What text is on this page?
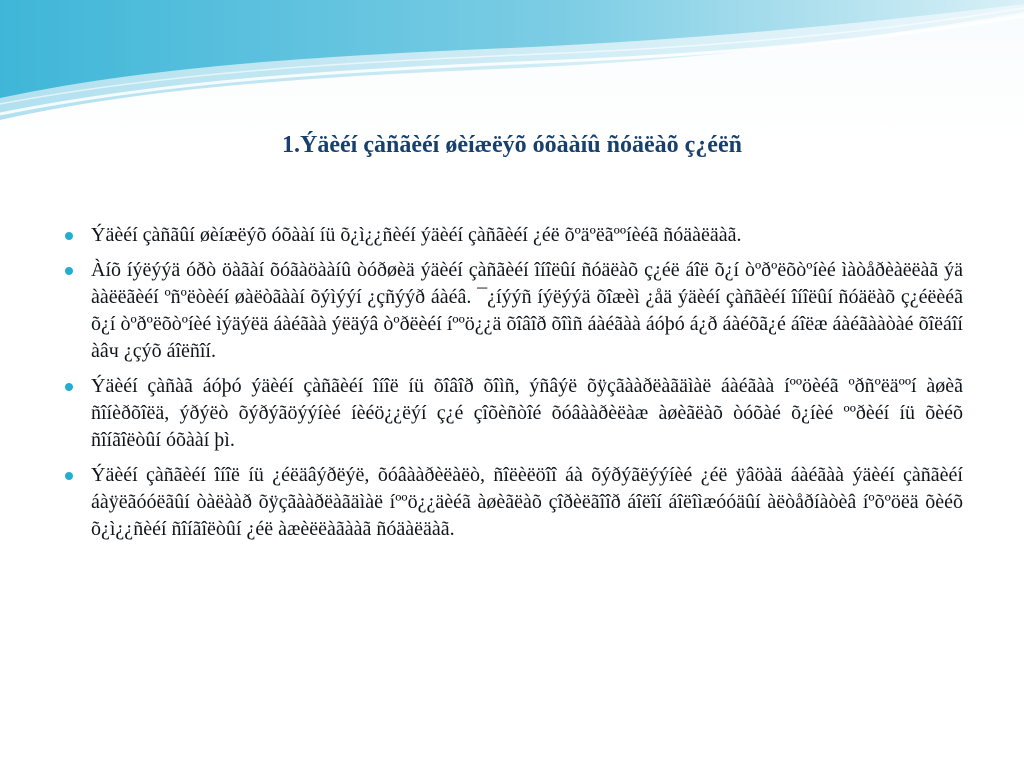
1.Ýäèéí çàñãèéí øèíæëýõ óõààíû ñóäëàõ ç¿éëñ
Ýäèéí çàñãûí øèíæëýõ óõààí íü õ¿ì¿¿ñèéí ýäèéí çàñãèéí ¿éë õºäºëãººíèéã ñóäàëäàã.
Àíõ íýëýýä óðò öàãàí õóãàöààíû òóðøèä ýäèéí çàñãèéí îíîëûí ñóäëàõ ç¿éë áîë õ¿í òºðºëõòºíèé ìàòåðèàëëàã ýä ààëëãèéí ºñºëòèéí øàëòãààí õýìýýí ¿çñýýð áàéâ. ¯¿íýýñ íýëýýä õîæèì ¿åä ýäèéí çàñãèéí îíîëûí ñóäëàõ ç¿éëèéã õ¿í òºðºëõòºíèé ìýäýëä áàéãàà ýëäýâ òºðëèéí íººö¿¿ä õîâîð õîìñ áàéãàà áóþó á¿ð áàéõã¿é áîëæ áàéãààòàé õîëáîí àâч ¿çýõ áîëñîí.
Ýäèéí çàñàã áóþó ýäèéí çàñãèéí îíîë íü õîâîð õîìñ, ýñâýë õÿçãààðëàãäìàë áàéãàà íººöèéã ºðñºëäººí àøèã ñîíèðõîëä, ýðýëò õýðýãöýýíèé íèéö¿¿ëýí ç¿é çîõèñòîé õóâààðèëàæ àøèãëàõ òóõàé õ¿íèé ººðèéí íü õèéõ ñîíãîëòûí óõààí þì.
Ýäèéí çàñãèéí îíîë íü ¿éëäâýðëýë, õóâààðèëàëò, ñîëèëöîî áà õýðýãëýýíèé ¿éë ÿâöàä áàéãàà ýäèéí çàñãèéí áàÿëãóóëãûí òàëààð õÿçãààðëàãäìàë íººö¿¿äèéã àøèãëàõ çîðèëãîîð áîëîí áîëîìæóóäûí àëòåðíàòèâ íºõºöëä õèéõ õ¿ì¿¿ñèéí ñîíãîëòûí ¿éë àæèëëàãààã ñóäàëäàã.
